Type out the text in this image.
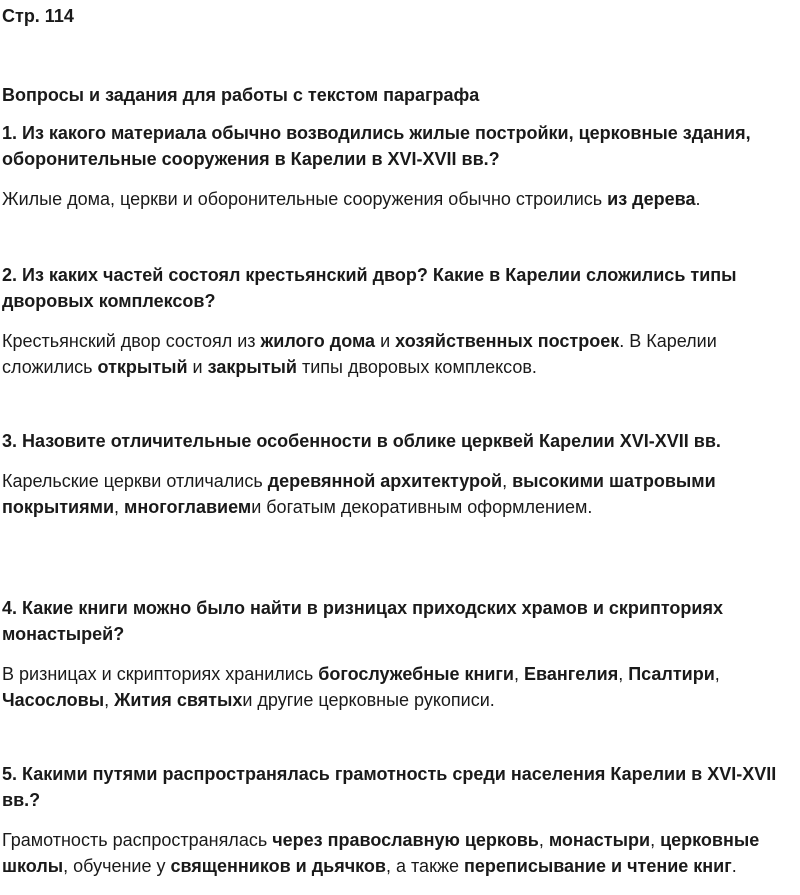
Стр. 114
Вопросы и задания для работы с текстом параграфа

1. Из какого материала обычно возводились жилые постройки, церковные здания, оборонительные сооружения в Карелии в XVI-XVII вв.?

Жилые дома, церкви и оборонительные сооружения обычно строились из дерева.

2. Из каких частей состоял крестьянский двор? Какие в Карелии сложились типы дворовых комплексов?

Крестьянский двор состоял из жилого дома и хозяйственных построек. В Карелии сложились открытый и закрытый типы дворовых комплексов.

3. Назовите отличительные особенности в облике церквей Карелии XVI-XVII вв.

Карельские церкви отличались деревянной архитектурой, высокими шатровыми покрытиями, многоглавиеми богатым декоративным оформлением.

4. Какие книги можно было найти в ризницах приходских храмов и скрипториях монастырей?

В ризницах и скрипториях хранились богослужебные книги, Евангелия, Псалтири, Часословы, Жития святыхи другие церковные рукописи.

5. Какими путями распространялась грамотность среди населения Карелии в XVI-XVII вв.?

Грамотность распространялась через православную церковь, монастыри, церковные школы, обучение у священников и дьячков, а также переписывание и чтение книг.
